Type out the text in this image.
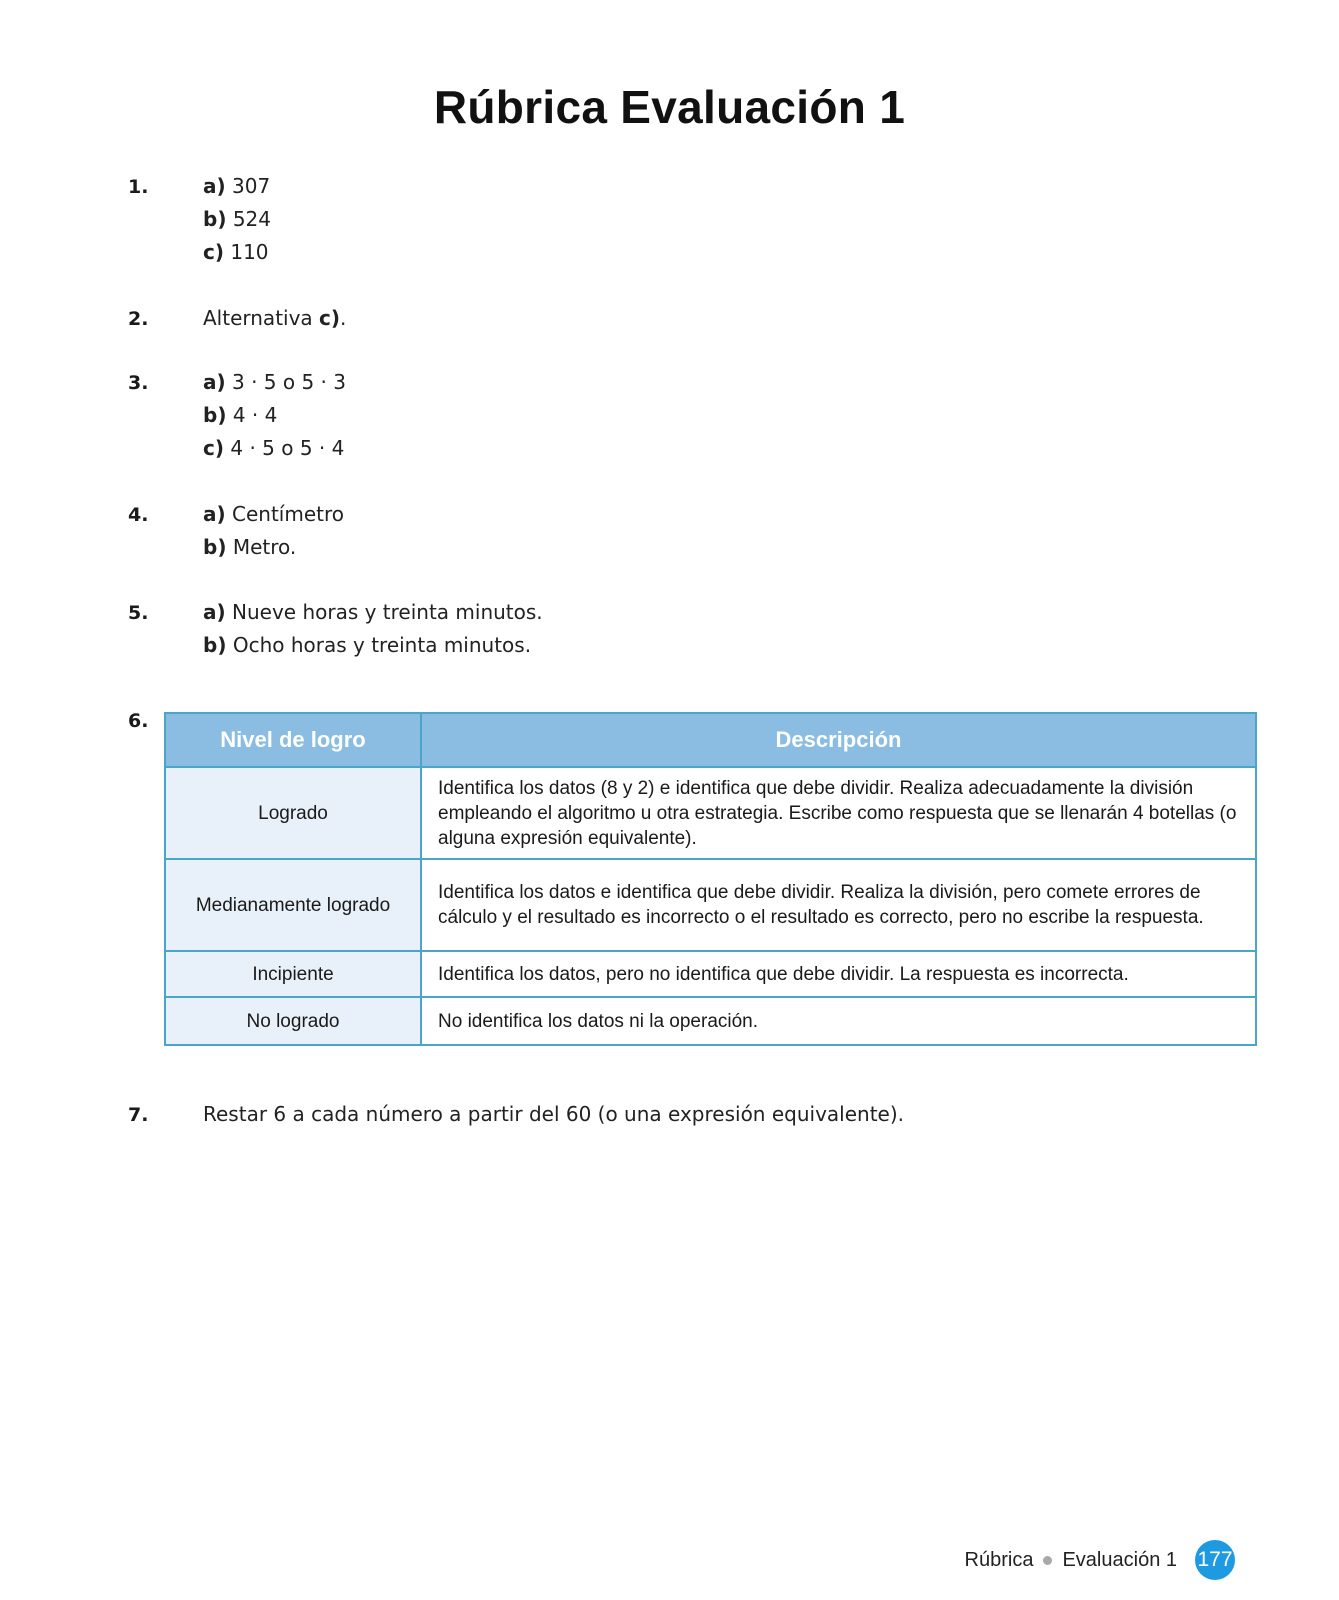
Rúbrica Evaluación 1
1.	a) 307
b) 524
c) 110
2.	Alternativa c).
3.	a) 3 · 5 o 5 · 3
b) 4 · 4
c) 4 · 5 o 5 · 4
4.	a) Centímetro
b) Metro.
5.	a) Nueve horas y treinta minutos.
b) Ocho horas y treinta minutos.
6.
Nivel de logro	Descripción
Logrado	Identifica los datos (8 y 2) e identifica que debe dividir. Realiza adecuadamente la división empleando el algoritmo u otra estrategia. Escribe como respuesta que se llenarán 4 botellas (o alguna expresión equivalente).
Medianamente logrado	Identifica los datos e identifica que debe dividir. Realiza la división, pero comete errores de cálculo y el resultado es incorrecto o el resultado es correcto, pero no escribe la respuesta.
Incipiente	Identifica los datos, pero no identifica que debe dividir. La respuesta es incorrecta.
No logrado	No identifica los datos ni la operación.
7.	Restar 6 a cada número a partir del 60 (o una expresión equivalente).
Rúbrica Evaluación 1 177
